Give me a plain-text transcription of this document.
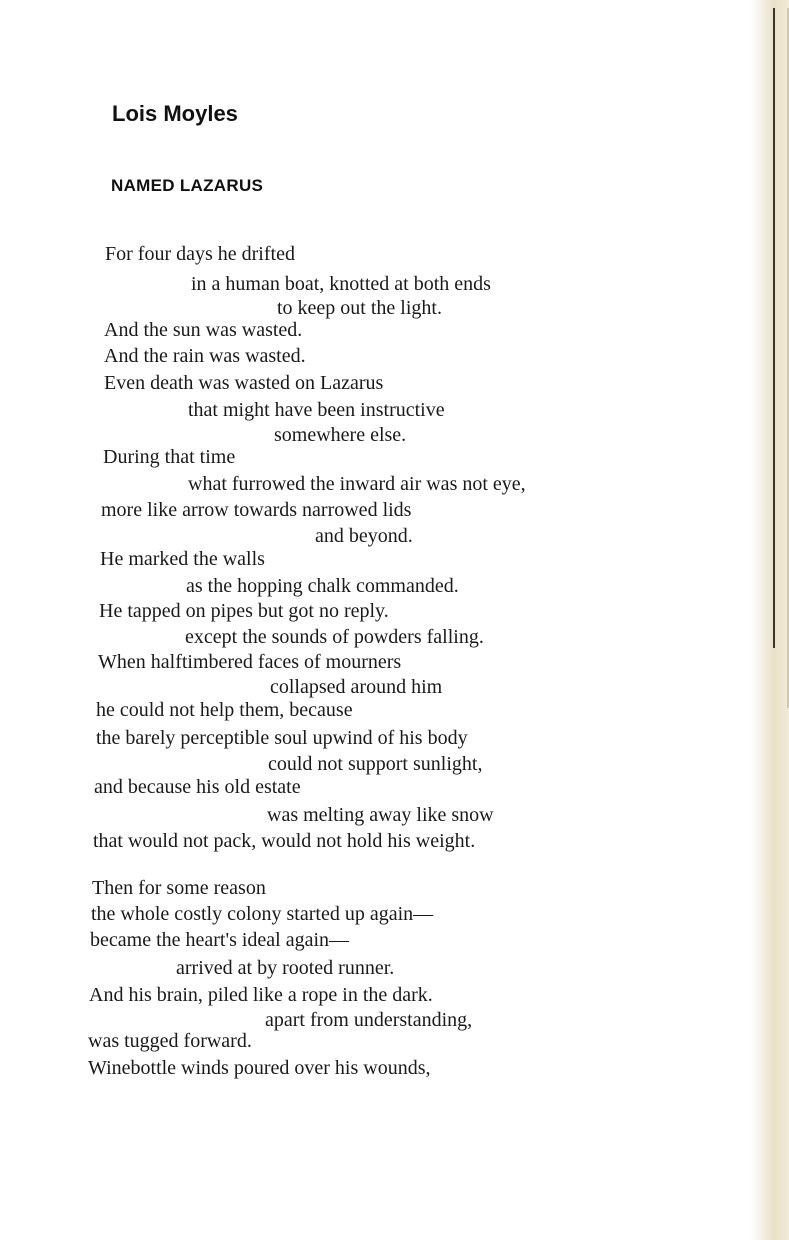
Lois Moyles
NAMED LAZARUS
For four days he drifted
in a human boat, knotted at both ends
to keep out the light.
And the sun was wasted.
And the rain was wasted.
Even death was wasted on Lazarus
that might have been instructive
somewhere else.
During that time
what furrowed the inward air was not eye,
more like arrow towards narrowed lids
and beyond.
He marked the walls
as the hopping chalk commanded.
He tapped on pipes but got no reply.
except the sounds of powders falling.
When halftimbered faces of mourners
collapsed around him
he could not help them, because
the barely perceptible soul upwind of his body
could not support sunlight,
and because his old estate
was melting away like snow
that would not pack, would not hold his weight.
Then for some reason
the whole costly colony started up again—
became the heart's ideal again—
arrived at by rooted runner.
And his brain, piled like a rope in the dark.
apart from understanding,
was tugged forward.
Winebottle winds poured over his wounds,
